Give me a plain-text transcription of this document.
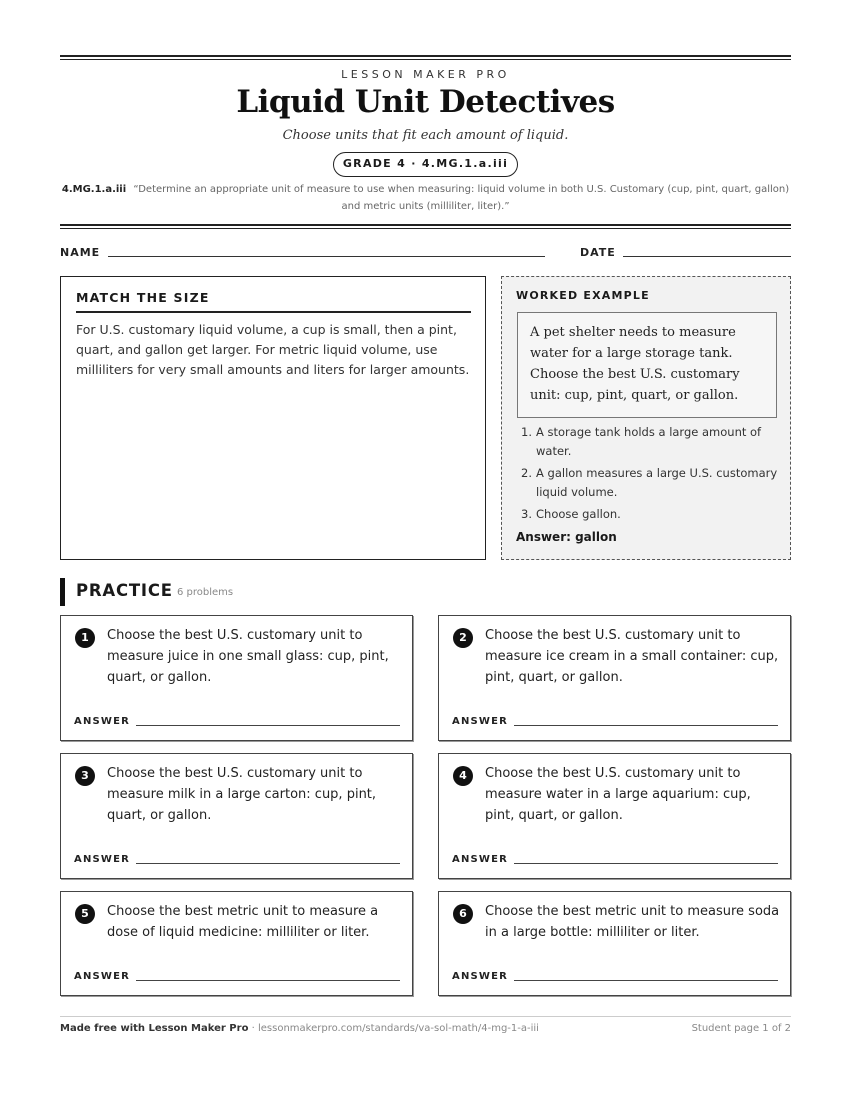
LESSON MAKER PRO
Liquid Unit Detectives
Choose units that fit each amount of liquid.
GRADE 4 · 4.MG.1.a.iii
4.MG.1.a.iii “Determine an appropriate unit of measure to use when measuring: liquid volume in both U.S. Customary (cup, pint, quart, gallon) and metric units (milliliter, liter).”
NAME	DATE
MATCH THE SIZE
For U.S. customary liquid volume, a cup is small, then a pint, quart, and gallon get larger. For metric liquid volume, use milliliters for very small amounts and liters for larger amounts.
WORKED EXAMPLE
A pet shelter needs to measure water for a large storage tank. Choose the best U.S. customary unit: cup, pint, quart, or gallon.
1. A storage tank holds a large amount of water.
2. A gallon measures a large U.S. customary liquid volume.
3. Choose gallon.
Answer: gallon
PRACTICE 6 problems
1	Choose the best U.S. customary unit to measure juice in one small glass: cup, pint, quart, or gallon.
ANSWER
2	Choose the best U.S. customary unit to measure ice cream in a small container: cup, pint, quart, or gallon.
ANSWER
3	Choose the best U.S. customary unit to measure milk in a large carton: cup, pint, quart, or gallon.
ANSWER
4	Choose the best U.S. customary unit to measure water in a large aquarium: cup, pint, quart, or gallon.
ANSWER
5	Choose the best metric unit to measure a dose of liquid medicine: milliliter or liter.
ANSWER
6	Choose the best metric unit to measure soda in a large bottle: milliliter or liter.
ANSWER
Made free with Lesson Maker Pro · lessonmakerpro.com/standards/va-sol-math/4-mg-1-a-iii	Student page 1 of 2
